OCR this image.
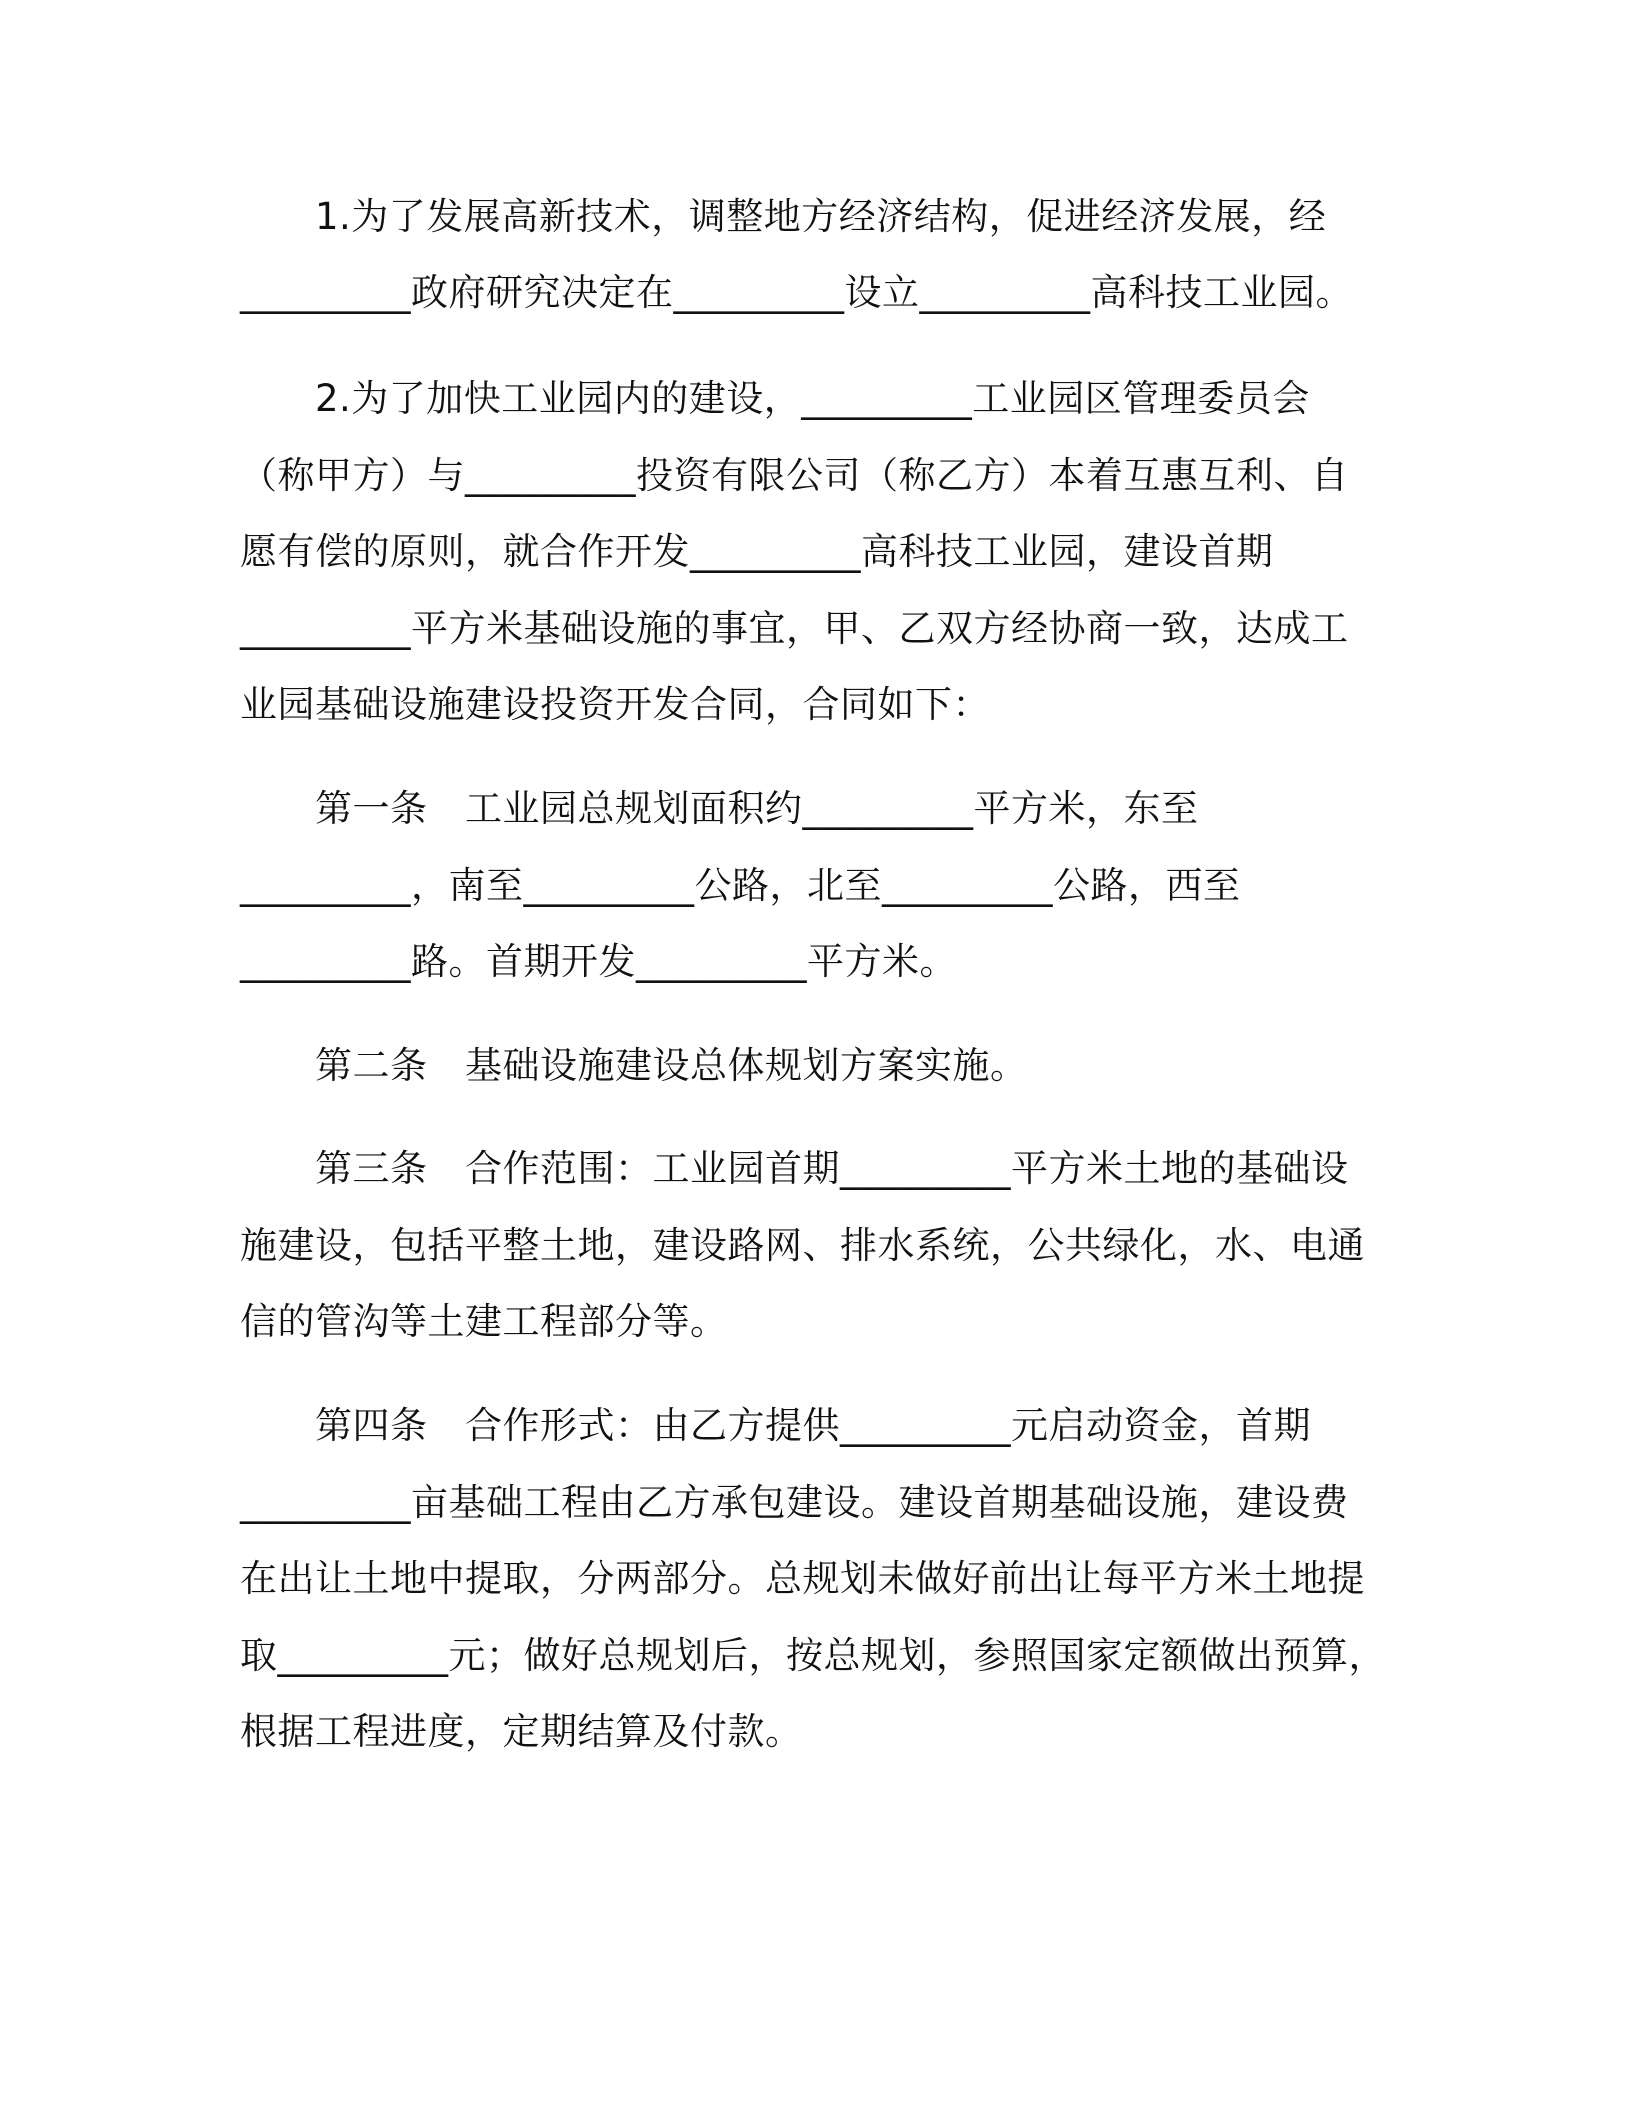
1.为了发展高新技术，调整地方经济结构，促进经济发展，经
_________政府研究决定在_________设立_________高科技工业园。
2.为了加快工业园内的建设，_________工业园区管理委员会
（称甲方）与_________投资有限公司（称乙方）本着互惠互利、自
愿有偿的原则，就合作开发_________高科技工业园，建设首期
_________平方米基础设施的事宜，甲、乙双方经协商一致，达成工
业园基础设施建设投资开发合同，合同如下：
第一条　工业园总规划面积约_________平方米，东至
_________，南至_________公路，北至_________公路，西至
_________路。首期开发_________平方米。
第二条　基础设施建设总体规划方案实施。
第三条　合作范围：工业园首期_________平方米土地的基础设
施建设，包括平整土地，建设路网、排水系统，公共绿化，水、电通
信的管沟等土建工程部分等。
第四条　合作形式：由乙方提供_________元启动资金，首期
_________亩基础工程由乙方承包建设。建设首期基础设施，建设费
在出让土地中提取，分两部分。总规划未做好前出让每平方米土地提
取_________元；做好总规划后，按总规划，参照国家定额做出预算，
根据工程进度，定期结算及付款。
